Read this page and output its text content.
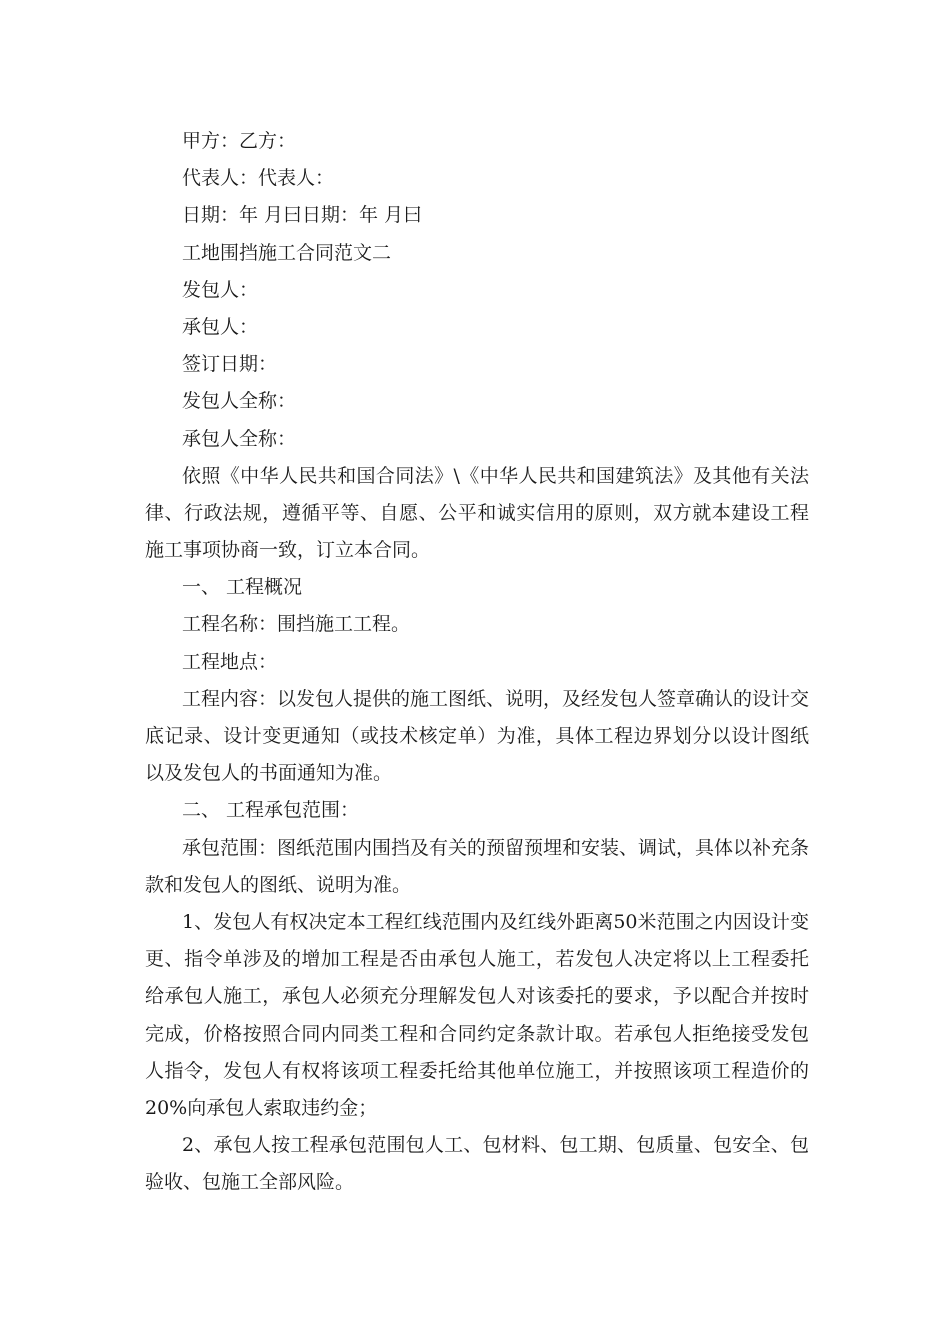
甲方：乙方：

代表人：代表人：

日期：年 月曰日期：年 月曰

工地围挡施工合同范文二

发包人：

承包人：

签订日期：

发包人全称：

承包人全称：

依照《中华人民共和国合同法》\《中华人民共和国建筑法》及其他有关法律、行政法规，遵循平等、自愿、公平和诚实信用的原则，双方就本建设工程施工事项协商一致，订立本合同。

一、 工程概况

工程名称：围挡施工工程。

工程地点：

工程内容：以发包人提供的施工图纸、说明，及经发包人签章确认的设计交底记录、设计变更通知（或技术核定单）为准，具体工程边界划分以设计图纸 以及发包人的书面通知为准。

二、 工程承包范围：

承包范围：图纸范围内围挡及有关的预留预埋和安装、调试，具体以补充条款和发包人的图纸、说明为准。

1、发包人有权决定本工程红线范围内及红线外距离50米范围之内因设计变更、指令单涉及的增加工程是否由承包人施工，若发包人决定将以上工程委托给承包人施工，承包人必须充分理解发包人对该委托的要求，予以配合并按时完成，价格按照合同内同类工程和合同约定条款计取。若承包人拒绝接受发包人指令，发包人有权将该项工程委托给其他单位施工，并按照该项工程造价的20%向承包人索取违约金；

2、承包人按工程承包范围包人工、包材料、包工期、包质量、包安全、包验收、包施工全部风险。
